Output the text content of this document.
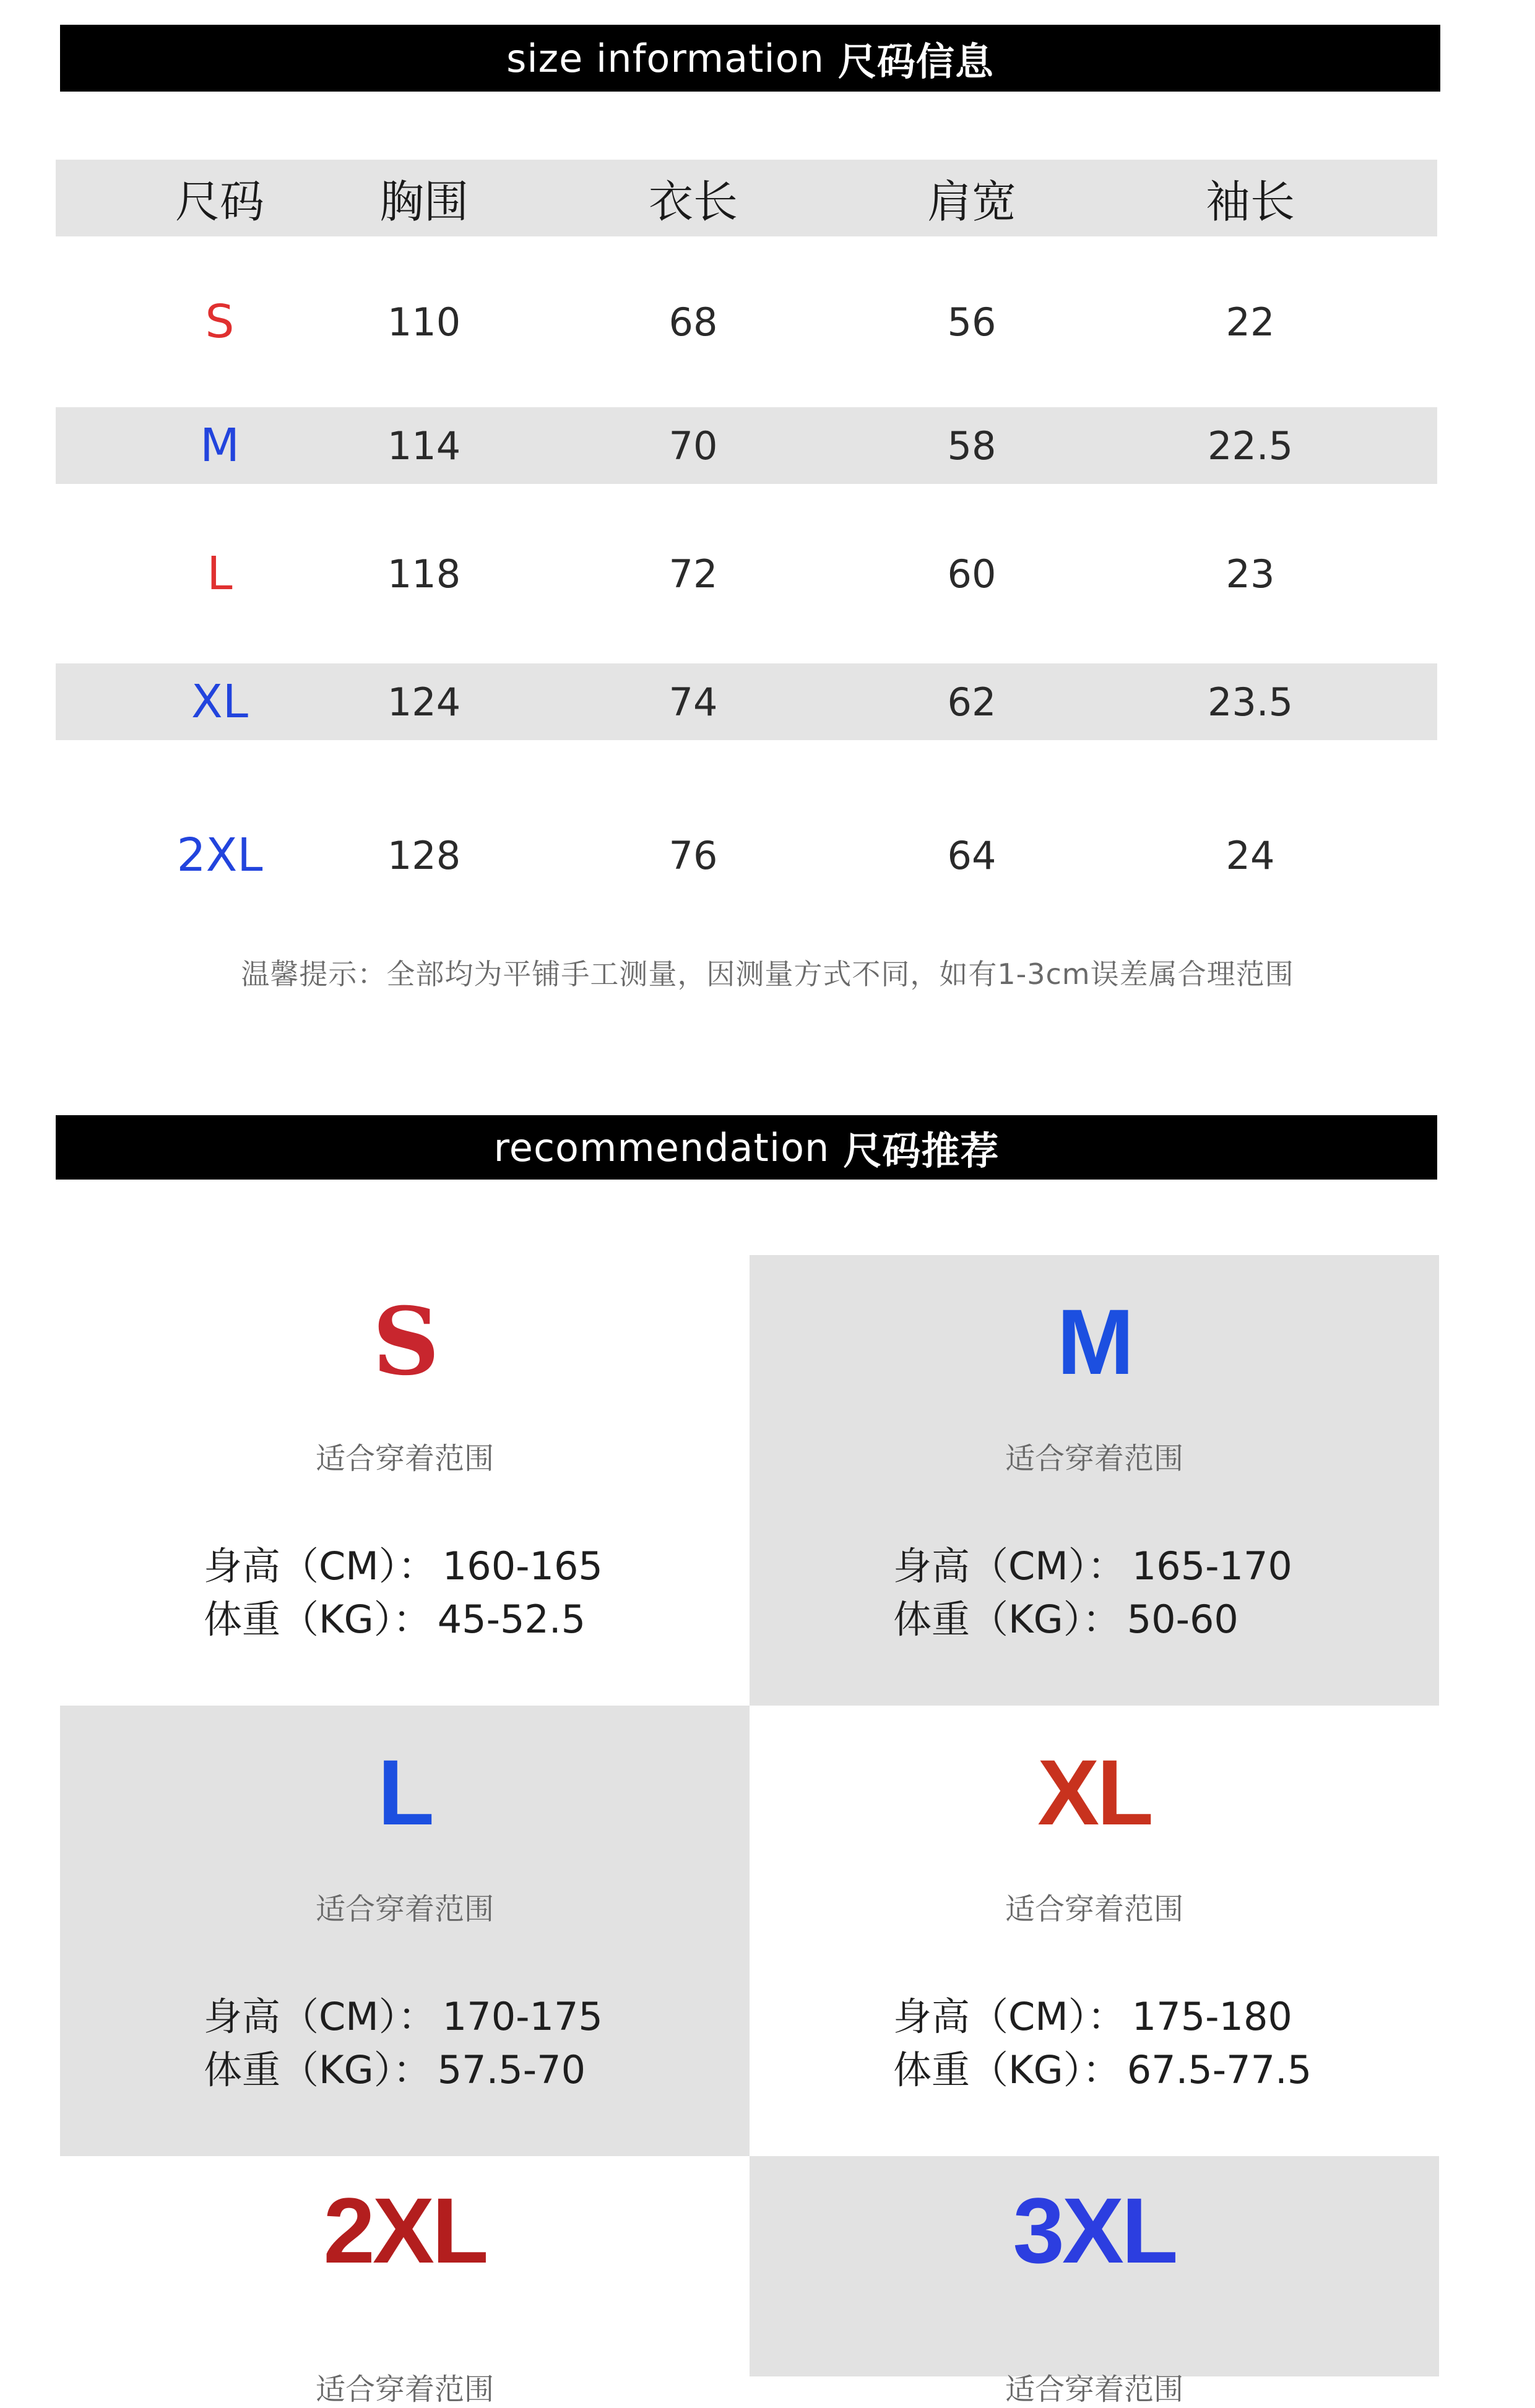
size information 尺码信息
尺码	胸围	衣长	肩宽	袖长
S	110	68	56	22
M	114	70	58	22.5
L	118	72	60	23
XL	124	74	62	23.5
2XL	128	76	64	24
温馨提示：全部均为平铺手工测量，因测量方式不同，如有1-3cm误差属合理范围
recommendation 尺码推荐
S
适合穿着范围
身高（CM）： 160-165
体重（KG）： 45-52.5
M
适合穿着范围
身高（CM）： 165-170
体重（KG）： 50-60
L
适合穿着范围
身高（CM）： 170-175
体重（KG）： 57.5-70
XL
适合穿着范围
身高（CM）： 175-180
体重（KG）： 67.5-77.5
2XL
适合穿着范围
3XL
适合穿着范围
